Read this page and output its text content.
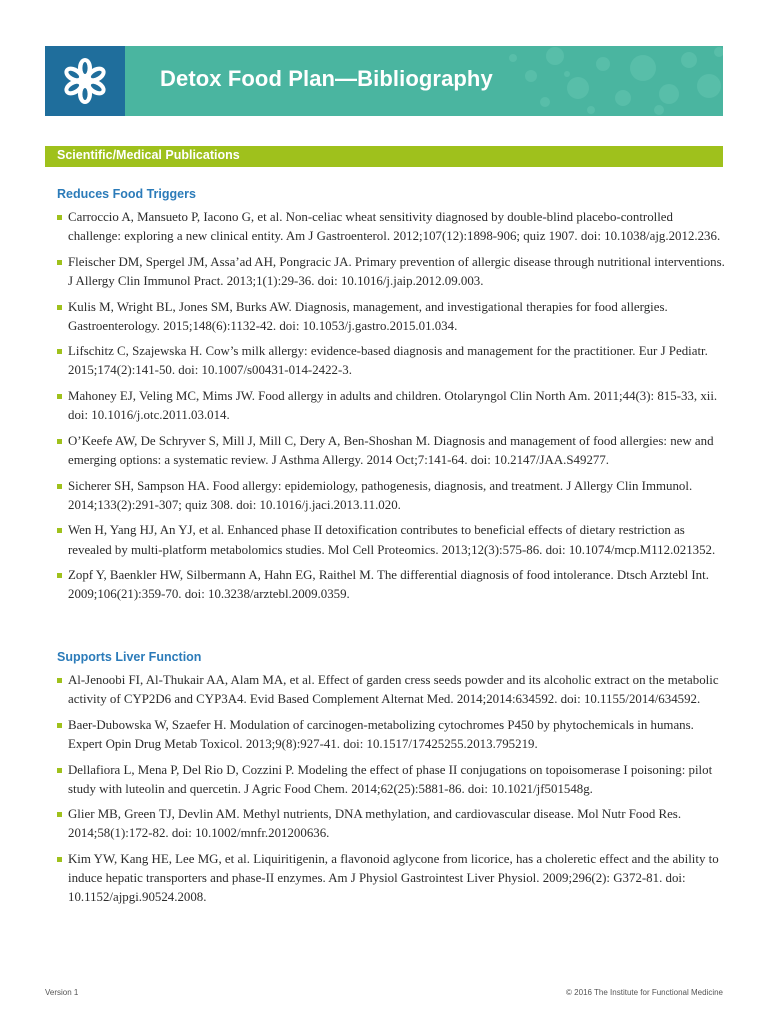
Detox Food Plan—Bibliography
Scientific/Medical Publications
Reduces Food Triggers
Carroccio A, Mansueto P, Iacono G, et al. Non-celiac wheat sensitivity diagnosed by double-blind placebo-controlled challenge: exploring a new clinical entity. Am J Gastroenterol. 2012;107(12):1898-906; quiz 1907. doi: 10.1038/ajg.2012.236.
Fleischer DM, Spergel JM, Assa’ad AH, Pongracic JA. Primary prevention of allergic disease through nutritional interventions. J Allergy Clin Immunol Pract. 2013;1(1):29-36. doi: 10.1016/j.jaip.2012.09.003.
Kulis M, Wright BL, Jones SM, Burks AW. Diagnosis, management, and investigational therapies for food allergies. Gastroenterology. 2015;148(6):1132-42. doi: 10.1053/j.gastro.2015.01.034.
Lifschitz C, Szajewska H. Cow’s milk allergy: evidence-based diagnosis and management for the practitioner. Eur J Pediatr. 2015;174(2):141-50. doi: 10.1007/s00431-014-2422-3.
Mahoney EJ, Veling MC, Mims JW. Food allergy in adults and children. Otolaryngol Clin North Am. 2011;44(3): 815-33, xii. doi: 10.1016/j.otc.2011.03.014.
O’Keefe AW, De Schryver S, Mill J, Mill C, Dery A, Ben-Shoshan M. Diagnosis and management of food allergies: new and emerging options: a systematic review. J Asthma Allergy. 2014 Oct;7:141-64. doi: 10.2147/JAA.S49277.
Sicherer SH, Sampson HA. Food allergy: epidemiology, pathogenesis, diagnosis, and treatment. J Allergy Clin Immunol. 2014;133(2):291-307; quiz 308. doi: 10.1016/j.jaci.2013.11.020.
Wen H, Yang HJ, An YJ, et al. Enhanced phase II detoxification contributes to beneficial effects of dietary restriction as revealed by multi-platform metabolomics studies. Mol Cell Proteomics. 2013;12(3):575-86. doi: 10.1074/mcp.M112.021352.
Zopf Y, Baenkler HW, Silbermann A, Hahn EG, Raithel M. The differential diagnosis of food intolerance. Dtsch Arztebl Int. 2009;106(21):359-70. doi: 10.3238/arztebl.2009.0359.
Supports Liver Function
Al-Jenoobi FI, Al-Thukair AA, Alam MA, et al. Effect of garden cress seeds powder and its alcoholic extract on the metabolic activity of CYP2D6 and CYP3A4. Evid Based Complement Alternat Med. 2014;2014:634592. doi: 10.1155/2014/634592.
Baer-Dubowska W, Szaefer H. Modulation of carcinogen-metabolizing cytochromes P450 by phytochemicals in humans. Expert Opin Drug Metab Toxicol. 2013;9(8):927-41. doi: 10.1517/17425255.2013.795219.
Dellafiora L, Mena P, Del Rio D, Cozzini P. Modeling the effect of phase II conjugations on topoisomerase I poisoning: pilot study with luteolin and quercetin. J Agric Food Chem. 2014;62(25):5881-86. doi: 10.1021/jf501548g.
Glier MB, Green TJ, Devlin AM. Methyl nutrients, DNA methylation, and cardiovascular disease. Mol Nutr Food Res. 2014;58(1):172-82. doi: 10.1002/mnfr.201200636.
Kim YW, Kang HE, Lee MG, et al. Liquiritigenin, a flavonoid aglycone from licorice, has a choleretic effect and the ability to induce hepatic transporters and phase-II enzymes. Am J Physiol Gastrointest Liver Physiol. 2009;296(2): G372-81. doi: 10.1152/ajpgi.90524.2008.
Version 1	© 2016 The Institute for Functional Medicine
